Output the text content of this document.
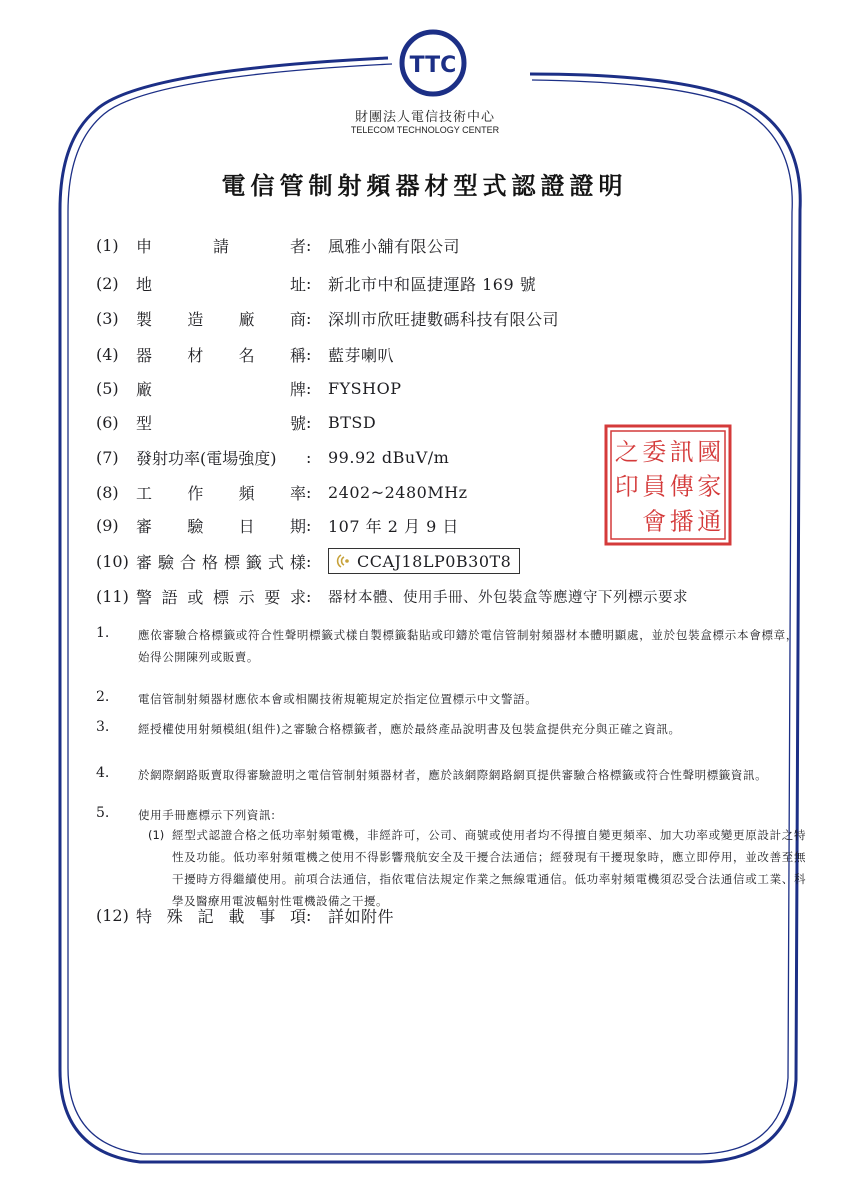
TTC
財團法人電信技術中心
TELECOM TECHNOLOGY CENTER
電信管制射頻器材型式認證證明
(1)	申	請	者 :	風雅小舖有限公司
(2)	地	址 :	新北市中和區捷運路 169 號
(3)	製 造 廠 商 :	深圳市欣旺捷數碼科技有限公司
(4)	器 材 名 稱 :	藍芽喇叭
(5)	廠	牌 :	FYSHOP
(6)	型	號 :	BTSD
(7)	發射功率(電場強度)	:	99.92 dBuV/m
(8)	工 作 頻 率 :	2402~2480MHz
(9)	審 驗 日 期 :	107 年 2 月 9 日
(10) 審 驗 合 格 標 籤 式 樣 :	CCAJ18LP0B30T8
(11) 警 語 或 標 示 要 求 :	器材本體、使用手冊、外包裝盒等應遵守下列標示要求
國
家
通
訊
傳
播
委
員
會
之
印
1.	應依審驗合格標籤或符合性聲明標籤式樣自製標籤黏貼或印鑄於電信管制射頻器材本體明顯處，並於包裝盒標示本會標章，始得公開陳列或販賣。
2.	電信管制射頻器材應依本會或相關技術規範規定於指定位置標示中文警語。
3.	經授權使用射頻模組(組件)之審驗合格標籤者，應於最終產品說明書及包裝盒提供充分與正確之資訊。
4.	於網際網路販賣取得審驗證明之電信管制射頻器材者，應於該網際網路網頁提供審驗合格標籤或符合性聲明標籤資訊。
5.	使用手冊應標示下列資訊:
(1) 經型式認證合格之低功率射頻電機，非經許可，公司、商號或使用者均不得擅自變更頻率、加大功率或變更原設計之特性及功能。低功率射頻電機之使用不得影響飛航安全及干擾合法通信；經發現有干擾現象時，應立即停用，並改善至無干擾時方得繼續使用。前項合法通信，指依電信法規定作業之無線電通信。低功率射頻電機須忍受合法通信或工業、科學及醫療用電波輻射性電機設備之干擾。
(12) 特 殊 記 載 事 項 :	詳如附件
